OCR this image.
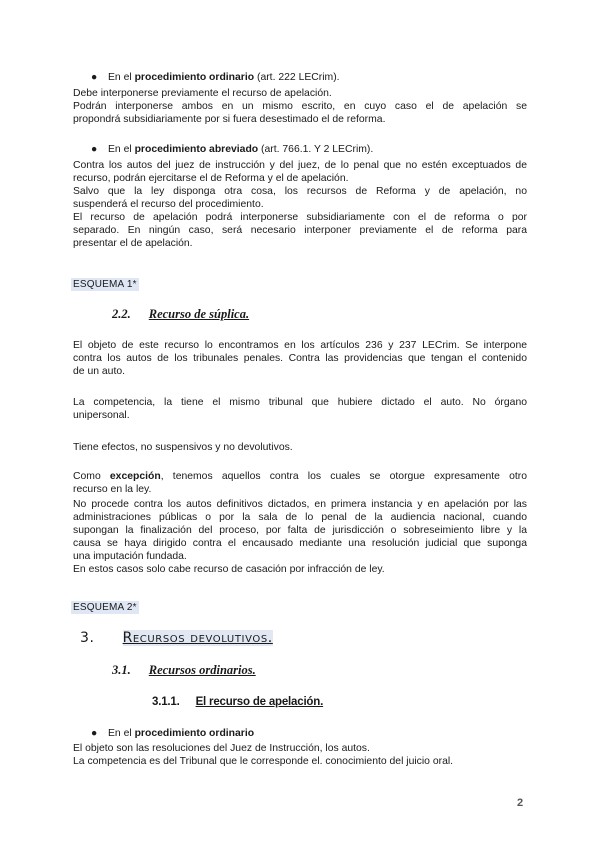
● En el procedimiento ordinario (art. 222 LECrim).
Debe interponerse previamente el recurso de apelación.
Podrán interponerse ambos en un mismo escrito, en cuyo caso el de apelación se
propondrá subsidiariamente por si fuera desestimado el de reforma.
● En el procedimiento abreviado (art. 766.1. Y 2 LECrim).
Contra los autos del juez de instrucción y del juez, de lo penal que no estén exceptuados de
recurso, podrán ejercitarse el de Reforma y el de apelación.
Salvo que la ley disponga otra cosa, los recursos de Reforma y de apelación, no
suspenderá el recurso del procedimiento.
El recurso de apelación podrá interponerse subsidiariamente con el de reforma o por
separado. En ningún caso, será necesario interponer previamente el de reforma para
presentar el de apelación.
ESQUEMA 1*
2.2. Recurso de súplica.
El objeto de este recurso lo encontramos en los artículos 236 y 237 LECrim. Se interpone
contra los autos de los tribunales penales. Contra las providencias que tengan el contenido
de un auto.
La competencia, la tiene el mismo tribunal que hubiere dictado el auto. No órgano
unipersonal.
Tiene efectos, no suspensivos y no devolutivos.
Como excepción, tenemos aquellos contra los cuales se otorgue expresamente otro
recurso en la ley.
No procede contra los autos definitivos dictados, en primera instancia y en apelación por las
administraciones públicas o por la sala de lo penal de la audiencia nacional, cuando
supongan la finalización del proceso, por falta de jurisdicción o sobreseimiento libre y la
causa se haya dirigido contra el encausado mediante una resolución judicial que suponga
una imputación fundada.
En estos casos solo cabe recurso de casación por infracción de ley.
ESQUEMA 2*
3. Recursos devolutivos.
3.1. Recursos ordinarios.
3.1.1. El recurso de apelación.
● En el procedimiento ordinario
El objeto son las resoluciones del Juez de Instrucción, los autos.
La competencia es del Tribunal que le corresponde el. conocimiento del juicio oral.
2
